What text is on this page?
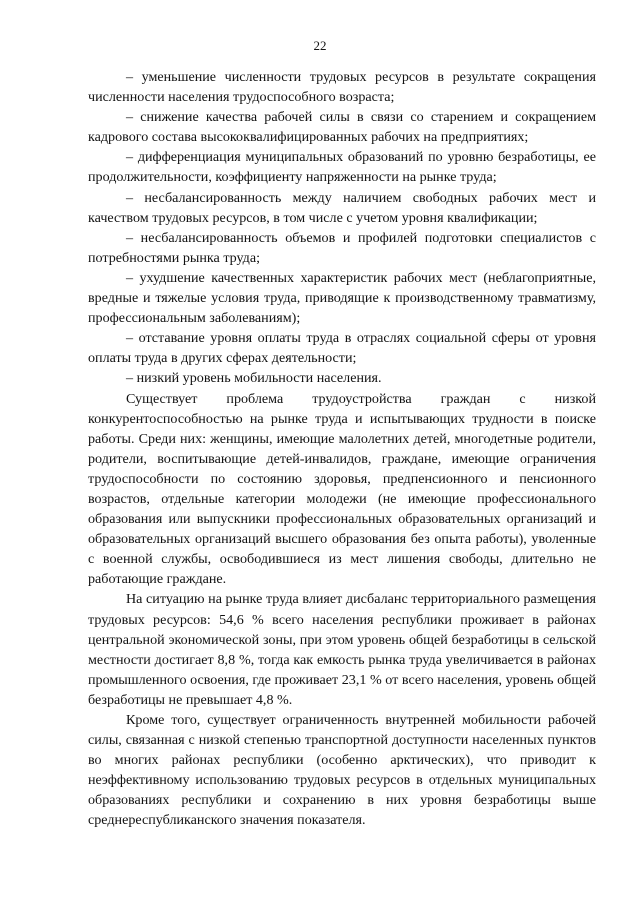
22

– уменьшение численности трудовых ресурсов в результате сокращения численности населения трудоспособного возраста;

– снижение качества рабочей силы в связи со старением и сокращением кадрового состава высококвалифицированных рабочих на предприятиях;

– дифференциация муниципальных образований по уровню безработицы, ее продолжительности, коэффициенту напряженности на рынке труда;

– несбалансированность между наличием свободных рабочих мест и качеством трудовых ресурсов, в том числе с учетом уровня квалификации;

– несбалансированность объемов и профилей подготовки специалистов с потребностями рынка труда;

– ухудшение качественных характеристик рабочих мест (неблагоприятные, вредные и тяжелые условия труда, приводящие к производственному травматизму, профессиональным заболеваниям);

– отставание уровня оплаты труда в отраслях социальной сферы от уровня оплаты труда в других сферах деятельности;

– низкий уровень мобильности населения.

Существует проблема трудоустройства граждан с низкой конкурентоспособностью на рынке труда и испытывающих трудности в поиске работы. Среди них: женщины, имеющие малолетних детей, многодетные родители, родители, воспитывающие детей-инвалидов, граждане, имеющие ограничения трудоспособности по состоянию здоровья, предпенсионного и пенсионного возрастов, отдельные категории молодежи (не имеющие профессионального образования или выпускники профессиональных образовательных организаций и образовательных организаций высшего образования без опыта работы), уволенные с военной службы, освободившиеся из мест лишения свободы, длительно не работающие граждане.

На ситуацию на рынке труда влияет дисбаланс территориального размещения трудовых ресурсов: 54,6 % всего населения республики проживает в районах центральной экономической зоны, при этом уровень общей безработицы в сельской местности достигает 8,8 %, тогда как емкость рынка труда увеличивается в районах промышленного освоения, где проживает 23,1 % от всего населения, уровень общей безработицы не превышает 4,8 %.

Кроме того, существует ограниченность внутренней мобильности рабочей силы, связанная с низкой степенью транспортной доступности населенных пунктов во многих районах республики (особенно арктических), что приводит к неэффективному использованию трудовых ресурсов в отдельных муниципальных образованиях республики и сохранению в них уровня безработицы выше среднереспубликанского значения показателя.
